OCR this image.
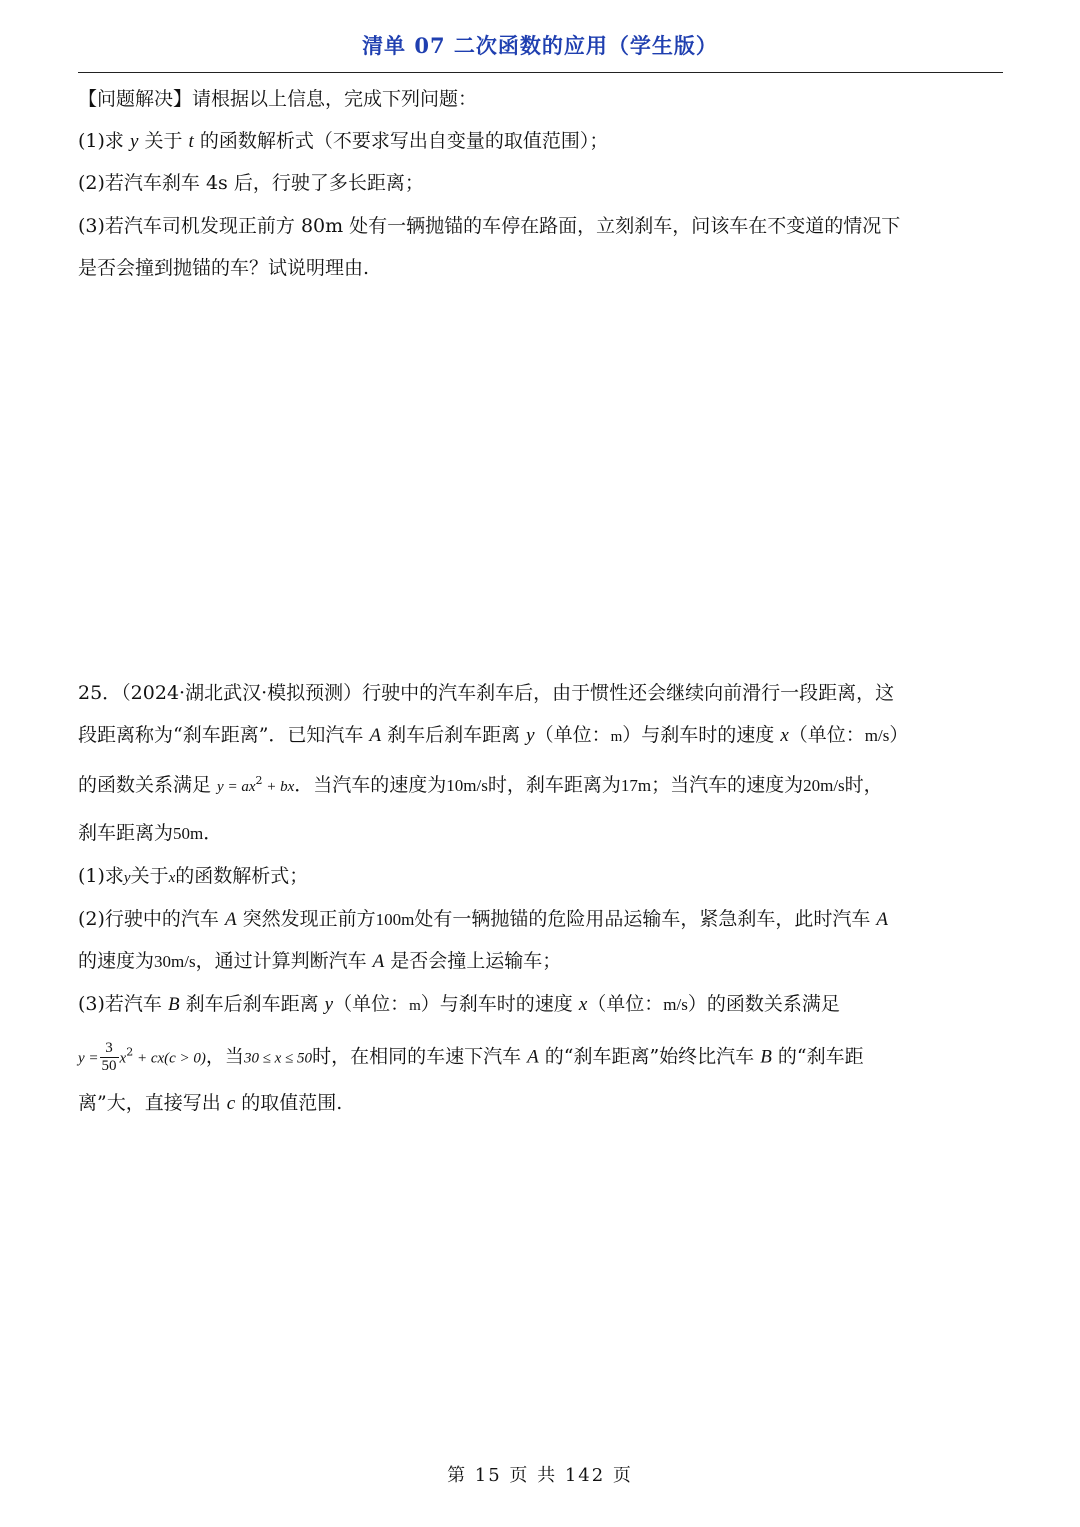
清单 07 二次函数的应用（学生版）
【问题解决】请根据以上信息，完成下列问题：
(1)求 y 关于 t 的函数解析式（不要求写出自变量的取值范围）；
(2)若汽车刹车 4s 后，行驶了多长距离；
(3)若汽车司机发现正前方 80m 处有一辆抛锚的车停在路面，立刻刹车，问该车在不变道的情况下
是否会撞到抛锚的车？试说明理由.
25．（2024·湖北武汉·模拟预测）行驶中的汽车刹车后，由于惯性还会继续向前滑行一段距离，这
段距离称为“刹车距离”．已知汽车 A 刹车后刹车距离 y（单位：m）与刹车时的速度 x（单位：m/s）
的函数关系满足 $y = ax^2$ + bx．当汽车的速度为10m/s时，刹车距离为17m；当汽车的速度为20m/s时，
刹车距离为50m．
(1)求y关于x的函数解析式；
(2)行驶中的汽车 A 突然发现正前方100m处有一辆抛锚的危险用品运输车，紧急刹车，此时汽车 A
的速度为30m/s，通过计算判断汽车 A 是否会撞上运输车；
(3)若汽车 B 刹车后刹车距离 y（单位：m）与刹车时的速度 x（单位：m/s）的函数关系满足
$y = \frac{3}{50} x^2 + cx(c > 0)$，当30 ≤ x ≤ 50时，在相同的车速下汽车 A 的“刹车距离”始终比汽车 B 的“刹车距
离”大，直接写出 c 的取值范围.
第 15 页 共 142 页
